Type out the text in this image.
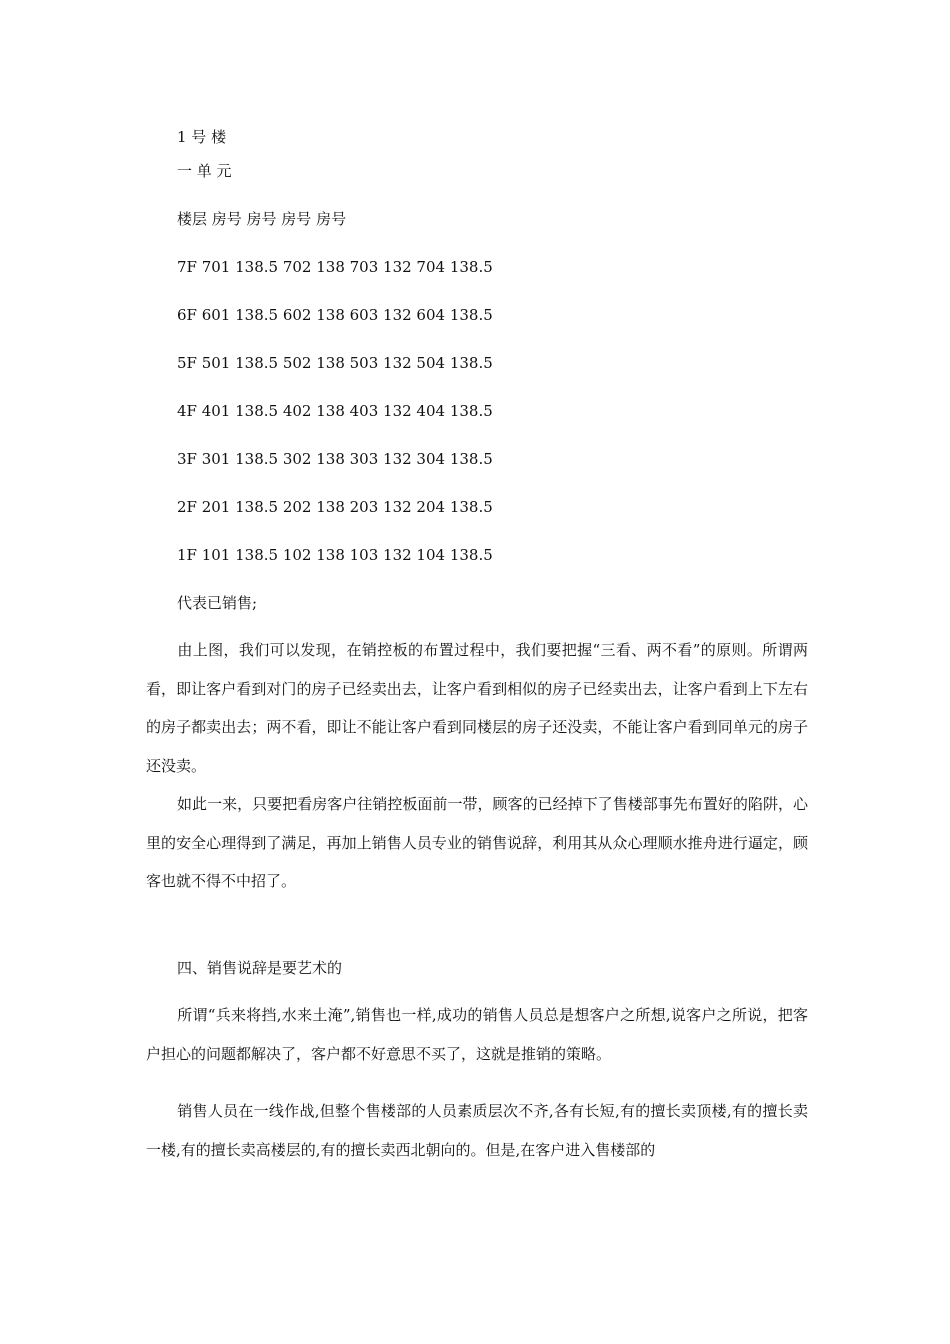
1 号 楼
一 单 元
楼层 房号 房号 房号 房号
7F 701 138.5 702 138 703 132 704 138.5
6F 601 138.5 602 138 603 132 604 138.5
5F 501 138.5 502 138 503 132 504 138.5
4F 401 138.5 402 138 403 132 404 138.5
3F 301 138.5 302 138 303 132 304 138.5
2F 201 138.5 202 138 203 132 204 138.5
1F 101 138.5 102 138 103 132 104 138.5
代表已销售;
由上图，我们可以发现，在销控板的布置过程中，我们要把握“三看、两不看”的原则。所谓两看，即让客户看到对门的房子已经卖出去，让客户看到相似的房子已经卖出去，让客户看到上下左右的房子都卖出去；两不看，即让不能让客户看到同楼层的房子还没卖，不能让客户看到同单元的房子还没卖。
如此一来，只要把看房客户往销控板面前一带，顾客的已经掉下了售楼部事先布置好的陷阱，心里的安全心理得到了满足，再加上销售人员专业的销售说辞，利用其从众心理顺水推舟进行逼定，顾客也就不得不中招了。
四、销售说辞是要艺术的
所谓“兵来将挡,水来土淹”,销售也一样,成功的销售人员总是想客户之所想,说客户之所说，把客户担心的问题都解决了，客户都不好意思不买了，这就是推销的策略。
销售人员在一线作战,但整个售楼部的人员素质层次不齐,各有长短,有的擅长卖顶楼,有的擅长卖一楼,有的擅长卖高楼层的,有的擅长卖西北朝向的。但是,在客户进入售楼部的
